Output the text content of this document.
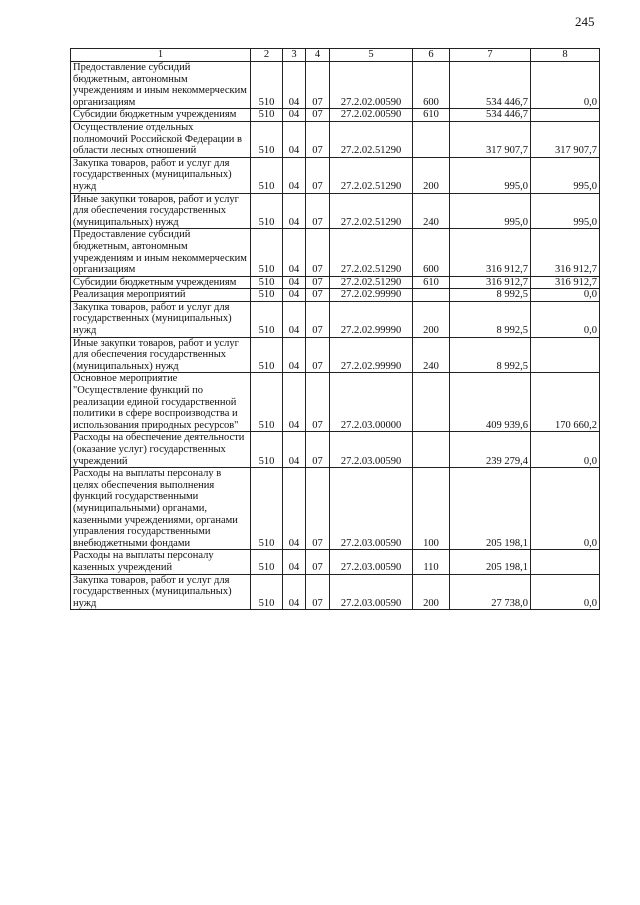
245
1	2	3	4	5	6	7	8
Предоставление субсидий бюджетным, автономным учреждениям и иным некоммерческим организациям	510	04	07	27.2.02.00590	600	534 446,7	0,0
Субсидии бюджетным учреждениям	510	04	07	27.2.02.00590	610	534 446,7	
Осуществление отдельных полномочий Российской Федерации в области лесных отношений	510	04	07	27.2.02.51290		317 907,7	317 907,7
Закупка товаров, работ и услуг для государственных (муниципальных) нужд	510	04	07	27.2.02.51290	200	995,0	995,0
Иные закупки товаров, работ и услуг для обеспечения государственных (муниципальных) нужд	510	04	07	27.2.02.51290	240	995,0	995,0
Предоставление субсидий бюджетным, автономным учреждениям и иным некоммерческим организациям	510	04	07	27.2.02.51290	600	316 912,7	316 912,7
Субсидии бюджетным учреждениям	510	04	07	27.2.02.51290	610	316 912,7	316 912,7
Реализация мероприятий	510	04	07	27.2.02.99990		8 992,5	0,0
Закупка товаров, работ и услуг для государственных (муниципальных) нужд	510	04	07	27.2.02.99990	200	8 992,5	0,0
Иные закупки товаров, работ и услуг для обеспечения государственных (муниципальных) нужд	510	04	07	27.2.02.99990	240	8 992,5	
Основное мероприятие "Осуществление функций по реализации единой государственной политики в сфере воспроизводства и использования природных ресурсов"	510	04	07	27.2.03.00000		409 939,6	170 660,2
Расходы на обеспечение деятельности (оказание услуг) государственных учреждений	510	04	07	27.2.03.00590		239 279,4	0,0
Расходы на выплаты персоналу в целях обеспечения выполнения функций государственными (муниципальными) органами, казенными учреждениями, органами управления государственными внебюджетными фондами	510	04	07	27.2.03.00590	100	205 198,1	0,0
Расходы на выплаты персоналу казенных учреждений	510	04	07	27.2.03.00590	110	205 198,1	
Закупка товаров, работ и услуг для государственных (муниципальных) нужд	510	04	07	27.2.03.00590	200	27 738,0	0,0
